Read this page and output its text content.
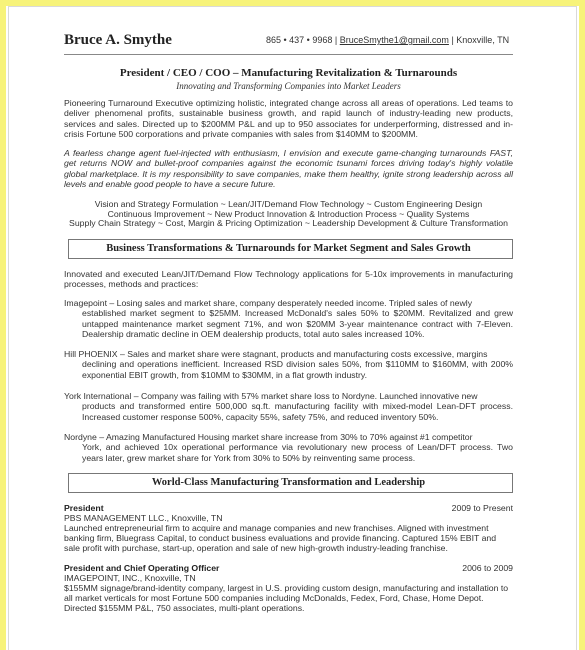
Bruce A. Smythe	865 • 437 • 9968 | BruceSmythe1@gmail.com | Knoxville, TN
President / CEO / COO – Manufacturing Revitalization & Turnarounds
Innovating and Transforming Companies into Market Leaders
Pioneering Turnaround Executive optimizing holistic, integrated change across all areas of operations. Led teams to deliver phenomenal profits, sustainable business growth, and rapid launch of industry-leading new products, services and sales. Directed up to $200MM P&L and up to 950 associates for underperforming, distressed and in-crisis Fortune 500 corporations and private companies with sales from $140MM to $200MM.
A fearless change agent fuel-injected with enthusiasm, I envision and execute game-changing turnarounds FAST, get returns NOW and bullet-proof companies against the economic tsunami forces driving today's highly volatile global marketplace. It is my responsibility to save companies, make them healthy, ignite strong leadership across all levels and enable good people to have a secure future.
Vision and Strategy Formulation ~ Lean/JIT/Demand Flow Technology ~ Custom Engineering Design
Continuous Improvement ~ New Product Innovation & Introduction Process ~ Quality Systems
Supply Chain Strategy ~ Cost, Margin & Pricing Optimization ~ Leadership Development & Culture Transformation
Business Transformations & Turnarounds for Market Segment and Sales Growth
Innovated and executed Lean/JIT/Demand Flow Technology applications for 5-10x improvements in manufacturing processes, methods and practices:
Imagepoint – Losing sales and market share, company desperately needed income. Tripled sales of newly
established market segment to $25MM. Increased McDonald's sales 50% to $20MM. Revitalized and grew untapped maintenance market segment 71%, and won $20MM 3-year maintenance contract with 7-Eleven. Dealership dramatic decline in OEM dealership products, total auto sales increased 10%.
Hill PHOENIX – Sales and market share were stagnant, products and manufacturing costs excessive, margins
declining and operations inefficient. Increased RSD division sales 50%, from $110MM to $160MM, with 200% exponential EBIT growth, from $10MM to $30MM, in a flat growth industry.
York International – Company was failing with 57% market share loss to Nordyne. Launched innovative new
products and transformed entire 500,000 sq.ft. manufacturing facility with mixed-model Lean-DFT process. Increased customer response 500%, capacity 55%, safety 75%, and reduced inventory 50%.
Nordyne – Amazing Manufactured Housing market share increase from 30% to 70% against #1 competitor
York, and achieved 10x operational performance via revolutionary new process of Lean/DFT process. Two years later, grew market share for York from 30% to 50% by reinventing same process.
World-Class Manufacturing Transformation and Leadership
President	2009 to Present
PBS MANAGEMENT LLC., Knoxville, TN
Launched entrepreneurial firm to acquire and manage companies and new franchises. Aligned with investment banking firm, Bluegrass Capital, to conduct business evaluations and provide financing. Captured 15% EBIT and sale profit with purchase, start-up, operation and sale of new high-growth industry-leading franchise.
President and Chief Operating Officer	2006 to 2009
IMAGEPOINT, INC., Knoxville, TN
$155MM signage/brand-identity company, largest in U.S. providing custom design, manufacturing and installation to all market verticals for most Fortune 500 companies including McDonalds, Fedex, Ford, Chase, Home Depot. Directed $155MM P&L, 750 associates, multi-plant operations.
